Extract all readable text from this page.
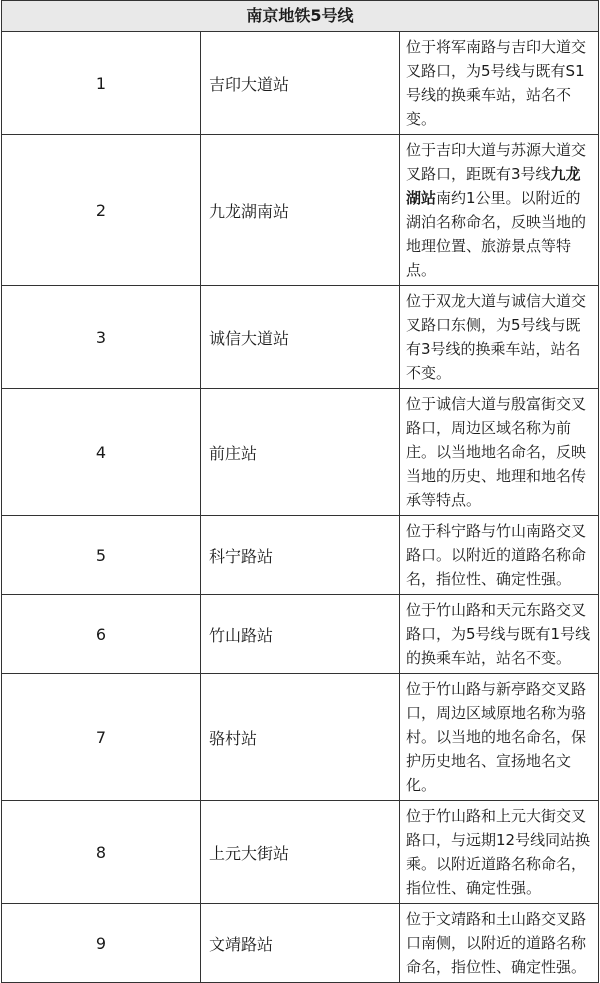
南京地铁5号线		
1	吉印大道站	位于将军南路与吉印大道交叉路口，为5号线与既有S1号线的换乘车站，站名不变。
2	九龙湖南站	位于吉印大道与苏源大道交叉路口，距既有3号线九龙湖站南约1公里。以附近的湖泊名称命名，反映当地的地理位置、旅游景点等特点。
3	诚信大道站	位于双龙大道与诚信大道交叉路口东侧，为5号线与既有3号线的换乘车站，站名不变。
4	前庄站	位于诚信大道与殷富街交叉路口，周边区域名称为前庄。以当地地名命名，反映当地的历史、地理和地名传承等特点。
5	科宁路站	位于科宁路与竹山南路交叉路口。以附近的道路名称命名，指位性、确定性强。
6	竹山路站	位于竹山路和天元东路交叉路口，为5号线与既有1号线的换乘车站，站名不变。
7	骆村站	位于竹山路与新亭路交叉路口，周边区域原地名称为骆村。以当地的地名命名，保护历史地名、宣扬地名文化。
8	上元大街站	位于竹山路和上元大街交叉路口，与远期12号线同站换乘。以附近道路名称命名，指位性、确定性强。
9	文靖路站	位于文靖路和土山路交叉路口南侧，以附近的道路名称命名，指位性、确定性强。
